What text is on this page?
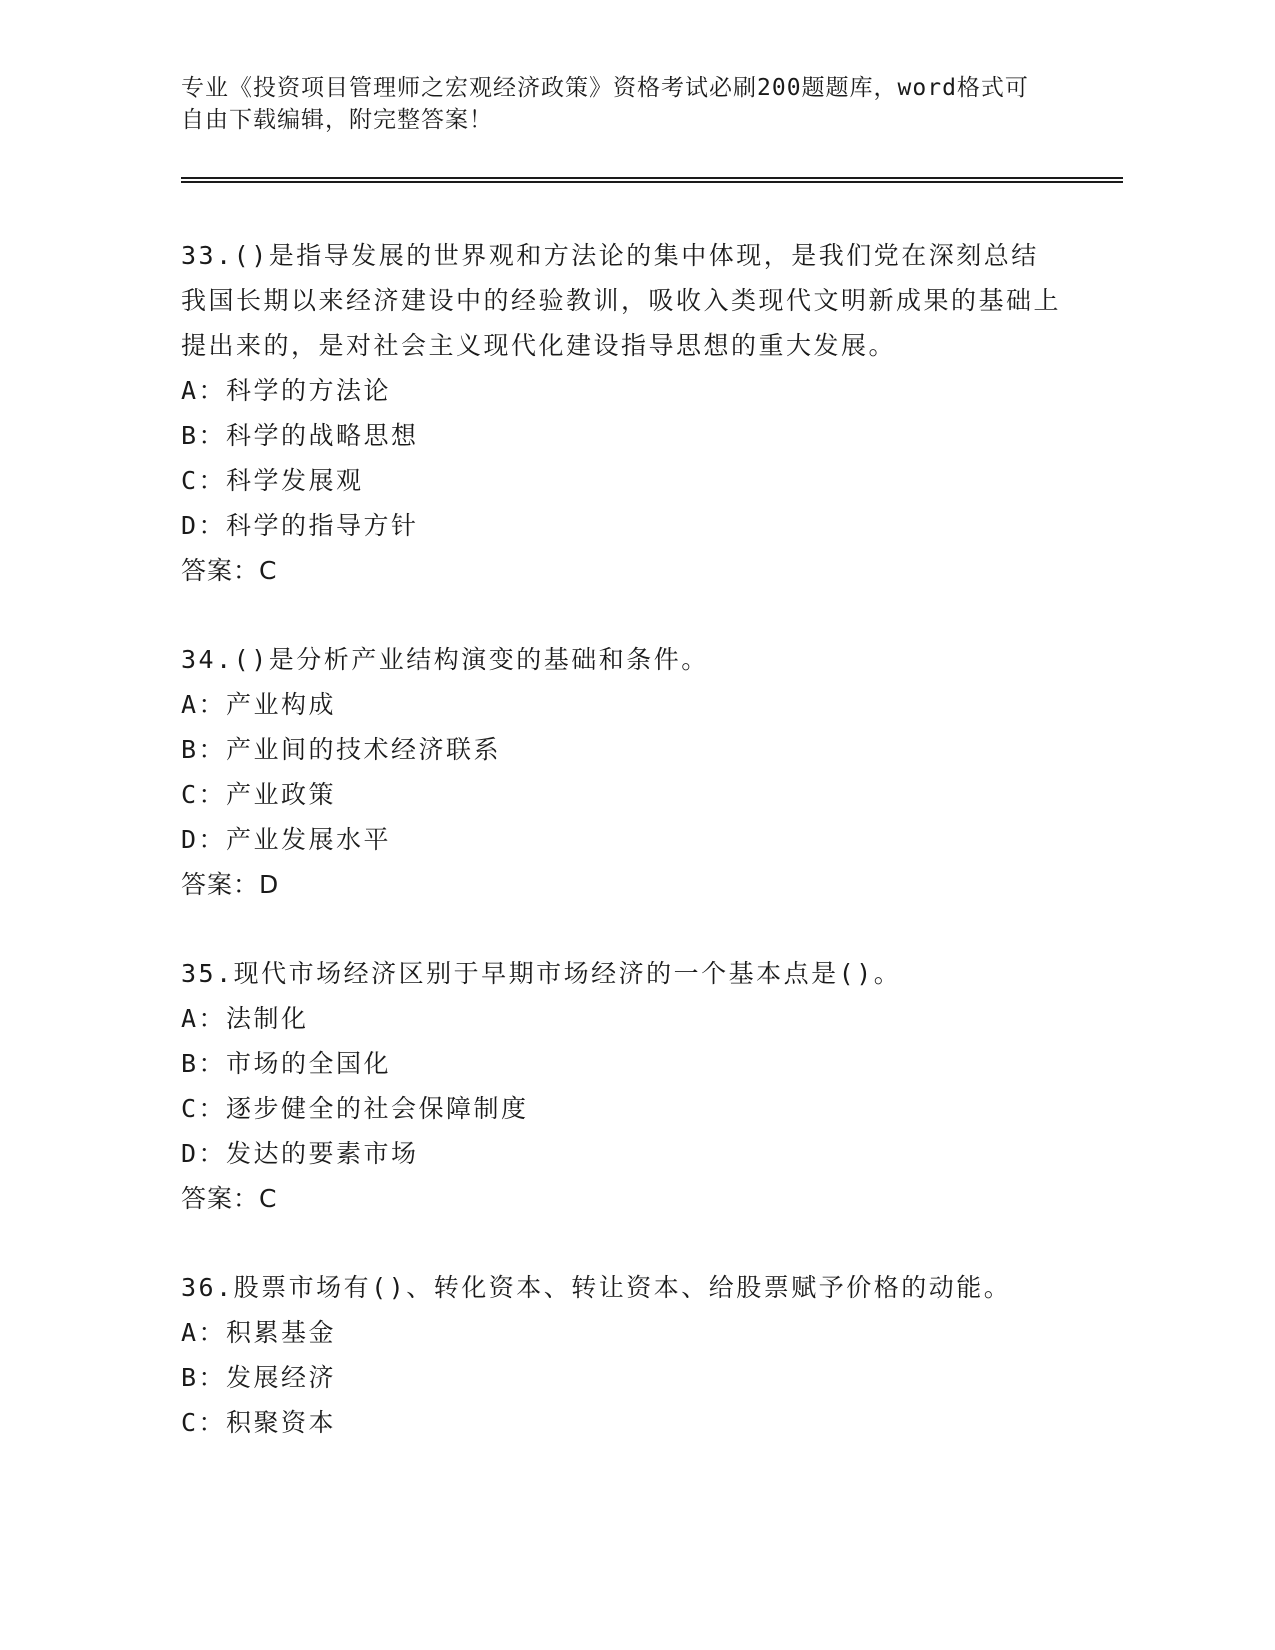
专业《投资项目管理师之宏观经济政策》资格考试必刷200题题库，word格式可自由下载编辑，附完整答案！

33.()是指导发展的世界观和方法论的集中体现，是我们党在深刻总结我国长期以来经济建设中的经验教训，吸收入类现代文明新成果的基础上提出来的，是对社会主义现代化建设指导思想的重大发展。

A：科学的方法论

B：科学的战略思想

C：科学发展观

D：科学的指导方针

答案：C

34.()是分析产业结构演变的基础和条件。

A：产业构成

B：产业间的技术经济联系

C：产业政策

D：产业发展水平

答案：D

35.现代市场经济区别于早期市场经济的一个基本点是()。

A：法制化

B：市场的全国化

C：逐步健全的社会保障制度

D：发达的要素市场

答案：C

36.股票市场有()、转化资本、转让资本、给股票赋予价格的动能。

A：积累基金

B：发展经济

C：积聚资本
